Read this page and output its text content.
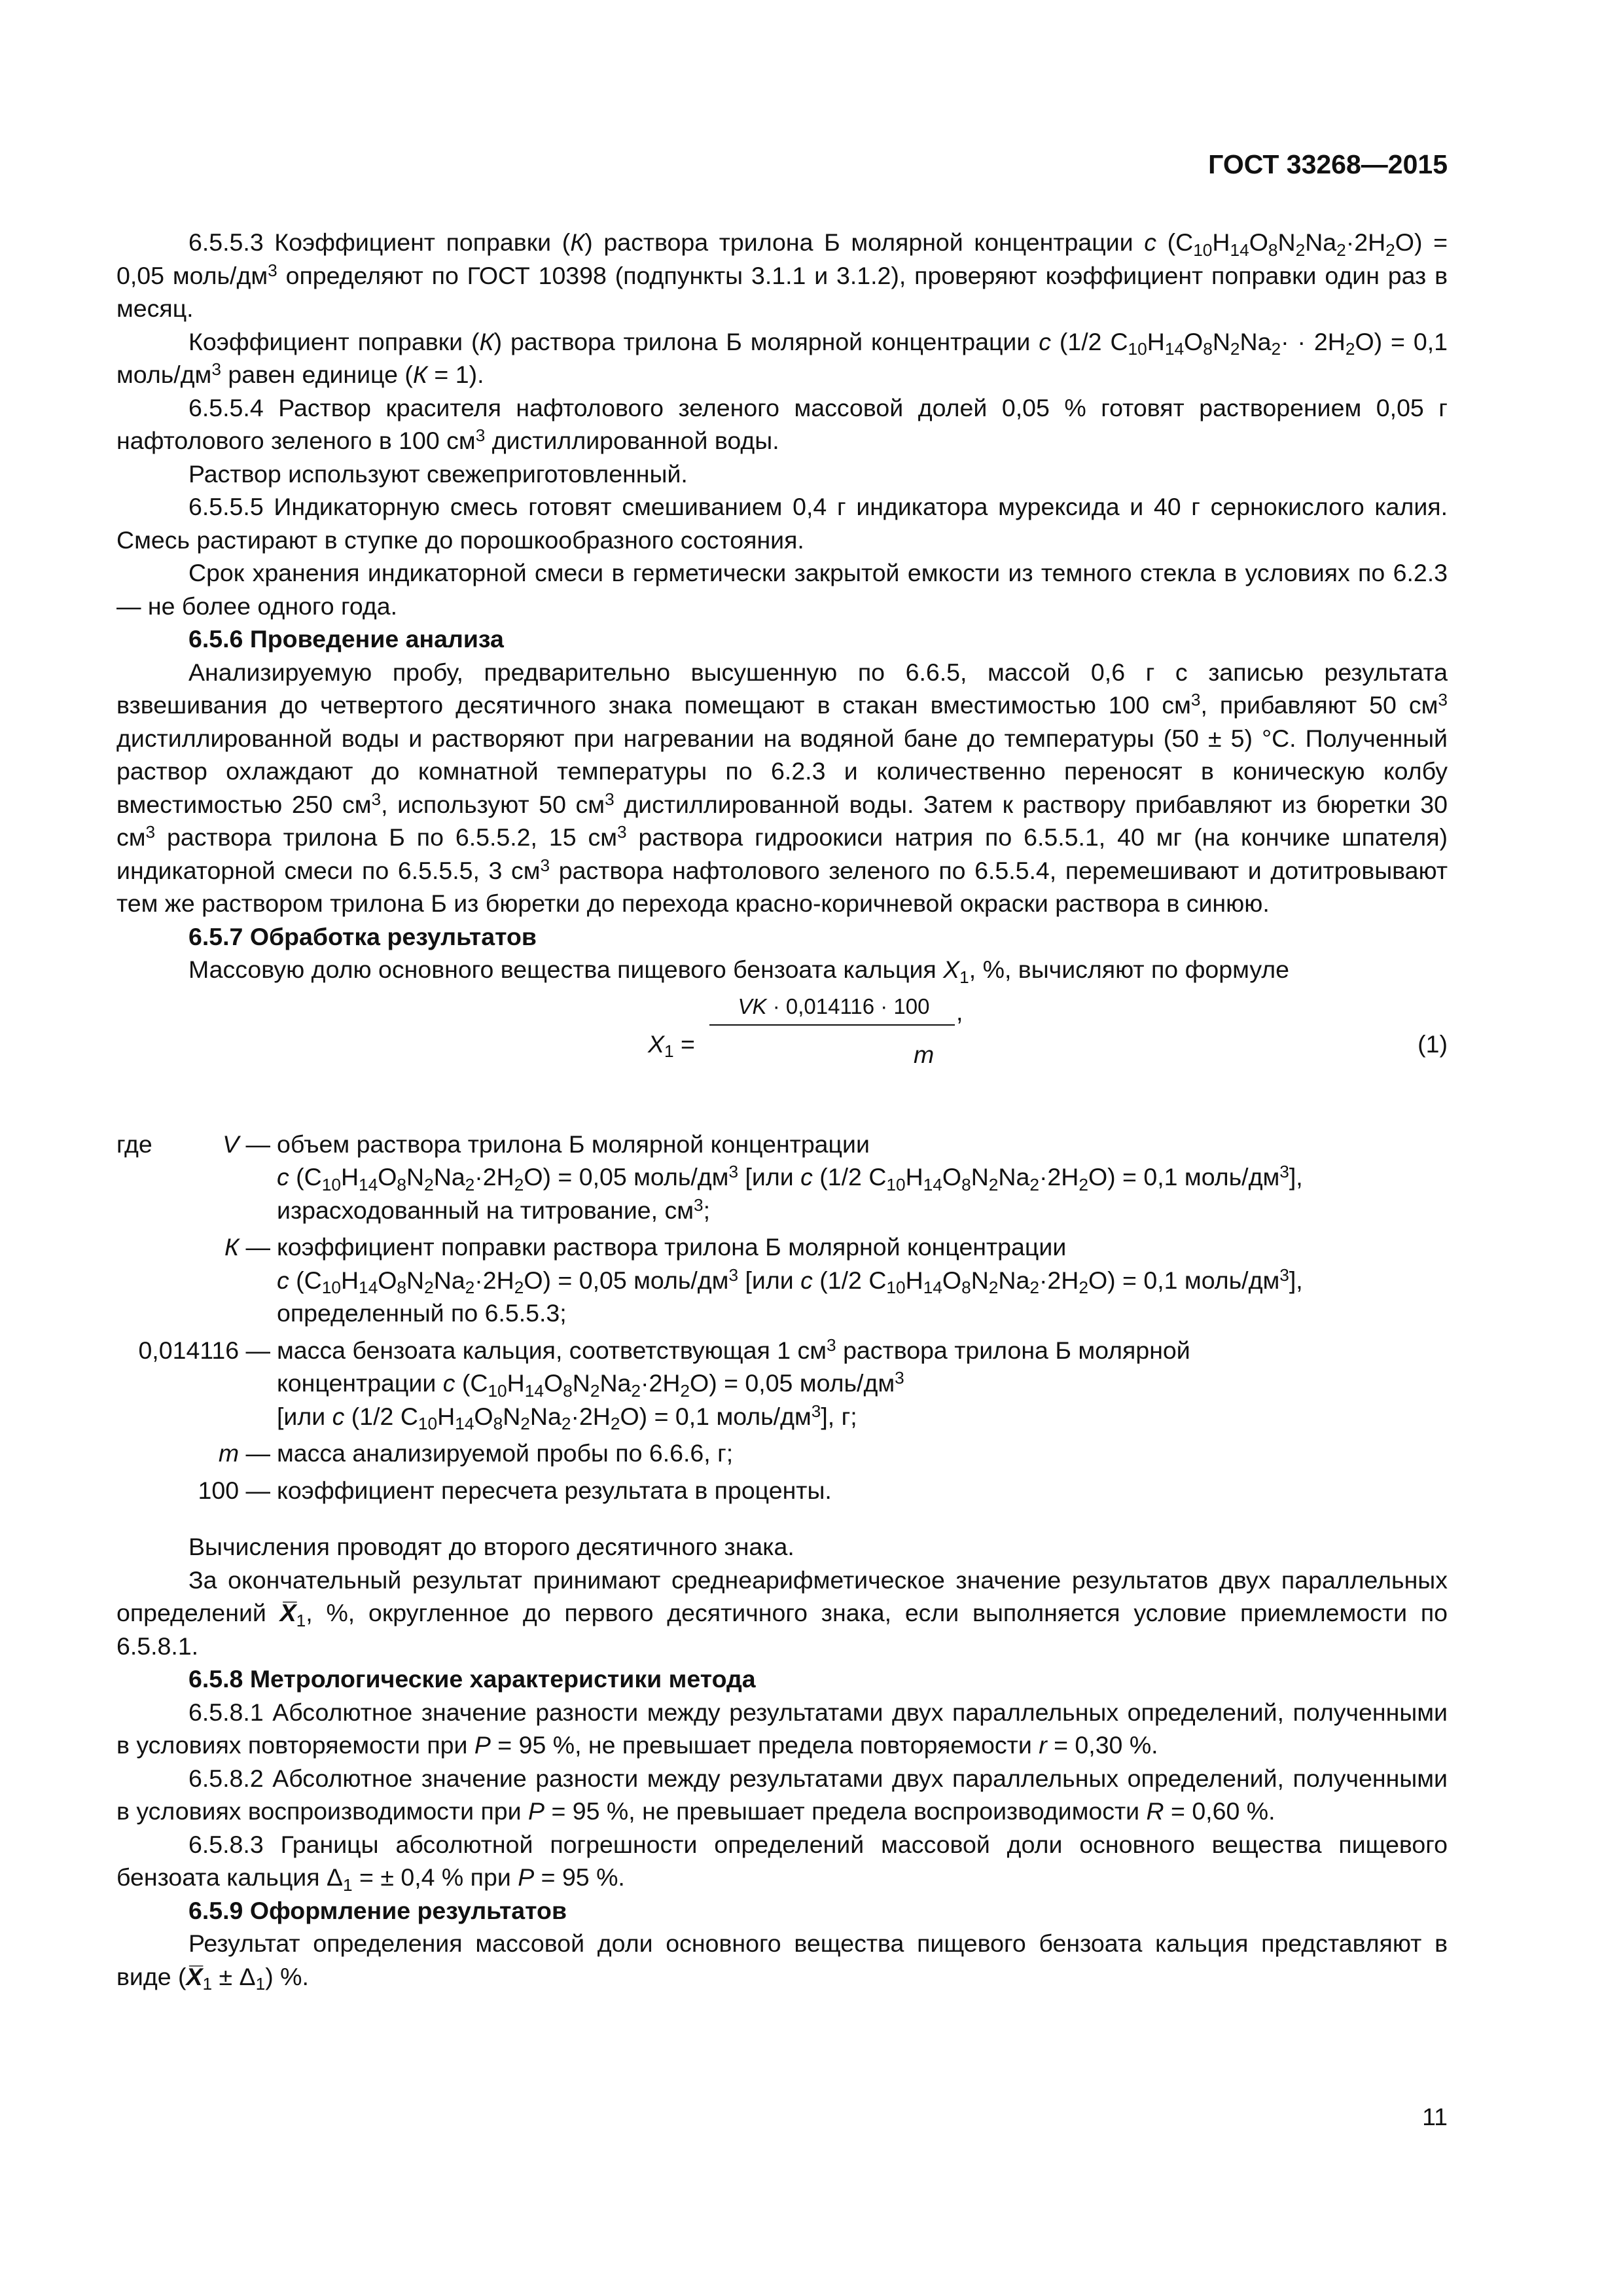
ГОСТ 33268—2015

6.5.5.3 Коэффициент поправки (К) раствора трилона Б молярной концентрации с $(C_{10}H_{14}O_8N_2Na_2\cdot 2H_2O) = 0,05$ моль/$дм^3$ определяют по ГОСТ 10398 (подпункты 3.1.1 и 3.1.2), проверяют коэффициент поправки один раз в месяц.

Коэффициент поправки (К) раствора трилона Б молярной концентрации с (1/2 $C_{10}H_{14}O_8N_2Na_2\cdot \cdot 2H_2O) = 0,1$ моль/$дм^3$ равен единице (К = 1).

6.5.5.4 Раствор красителя нафтолового зеленого массовой долей 0,05 % готовят растворением 0,05 г нафтолового зеленого в 100 $см^3$ дистиллированной воды.

Раствор используют свежеприготовленный.

6.5.5.5 Индикаторную смесь готовят смешиванием 0,4 г индикатора мурексида и 40 г сернокислого калия. Смесь растирают в ступке до порошкообразного состояния.

Срок хранения индикаторной смеси в герметически закрытой емкости из темного стекла в условиях по 6.2.3 — не более одного года.

6.5.6 Проведение анализа

Анализируемую пробу, предварительно высушенную по 6.6.5, массой 0,6 г с записью результата взвешивания до четвертого десятичного знака помещают в стакан вместимостью 100 $см^3$, прибавляют 50 $см^3$ дистиллированной воды и растворяют при нагревании на водяной бане до температуры (50 ± 5) °С. Полученный раствор охлаждают до комнатной температуры по 6.2.3 и количественно переносят в коническую колбу вместимостью 250 $см^3$, используют 50 $см^3$ дистиллированной воды. Затем к раствору прибавляют из бюретки 30 $см^3$ раствора трилона Б по 6.5.5.2, 15 $см^3$ раствора гидроокиси натрия по 6.5.5.1, 40 мг (на кончике шпателя) индикаторной смеси по 6.5.5.5, 3 $см^3$ раствора нафтолового зеленого по 6.5.5.4, перемешивают и дотитровывают тем же раствором трилона Б из бюретки до перехода красно-коричневой окраски раствора в синюю.

6.5.7 Обработка результатов

Массовую долю основного вещества пищевого бензоата кальция $X_1$, %, вычисляют по формуле

$X_1$ =
VK · 0,014116 · 100
m
,
(1)
где	V — объем раствора трилона Б молярной концентрации
с $(C_{10}H_{14}O_8N_2Na_2\cdot 2H_2O) = 0,05$ моль/$дм^3$ [или с (1/2 $C_{10}H_{14}O_8N_2Na_2\cdot 2H_2O) = 0,1$ моль/$дм^3$],
израсходованный на титрование, $см^3$;

К — коэффициент поправки раствора трилона Б молярной концентрации
с $(C_{10}H_{14}O_8N_2Na_2\cdot 2H_2O) = 0,05$ моль/$дм^3$ [или с (1/2 $C_{10}H_{14}O_8N_2Na_2\cdot 2H_2O) = 0,1$ моль/$дм^3$],
определенный по 6.5.5.3;

0,014116 — масса бензоата кальция, соответствующая 1 $см^3$ раствора трилона Б молярной
концентрации с $(C_{10}H_{14}O_8N_2Na_2\cdot 2H_2O) = 0,05$ моль/$дм^3$
[или с (1/2 $C_{10}H_{14}O_8N_2Na_2\cdot 2H_2O) = 0,1$ моль/$дм^3$], г;

m — масса анализируемой пробы по 6.6.6, г;

100 — коэффициент пересчета результата в проценты.

Вычисления проводят до второго десятичного знака.

За окончательный результат принимают среднеарифметическое значение результатов двух параллельных определений $X̅_1$, %, округленное до первого десятичного знака, если выполняется условие приемлемости по 6.5.8.1.

6.5.8 Метрологические характеристики метода

6.5.8.1 Абсолютное значение разности между результатами двух параллельных определений, полученными в условиях повторяемости при Р = 95 %, не превышает предела повторяемости r = 0,30 %.

6.5.8.2 Абсолютное значение разности между результатами двух параллельных определений, полученными в условиях воспроизводимости при Р = 95 %, не превышает предела воспроизводимости R = 0,60 %.

6.5.8.3 Границы абсолютной погрешности определений массовой доли основного вещества пищевого бензоата кальция $\Delta_1$ = ± 0,4 % при Р = 95 %.

6.5.9 Оформление результатов

Результат определения массовой доли основного вещества пищевого бензоата кальция представляют в виде $(X̅_1 \pm \Delta_1)$ %.

11
